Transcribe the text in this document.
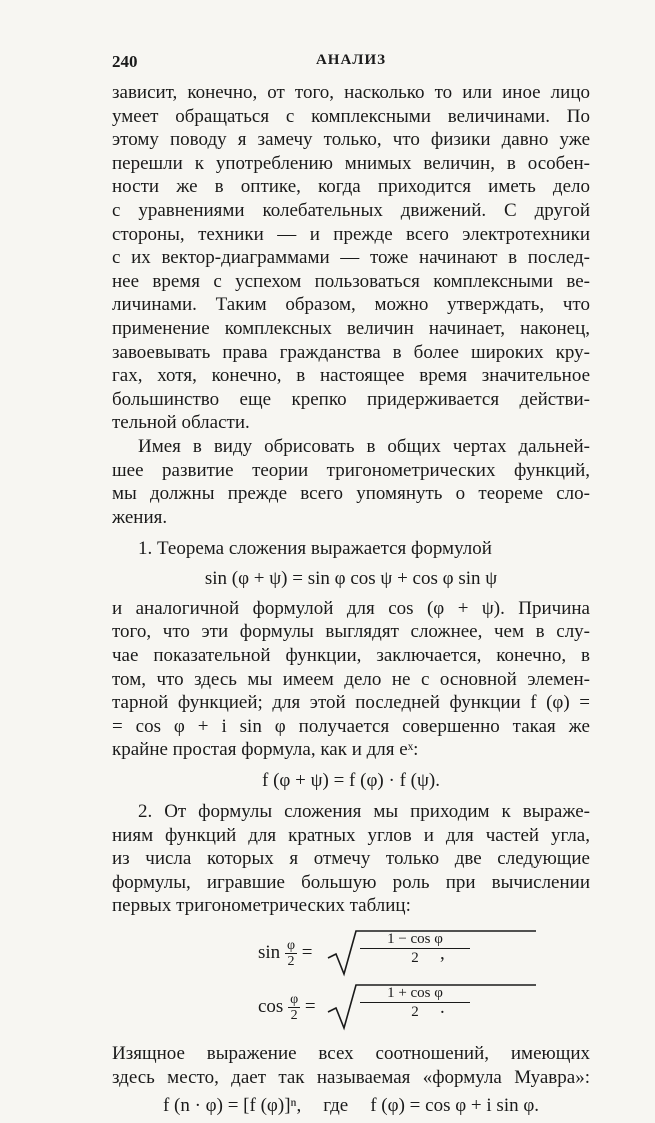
240	АНАЛИЗ
зависит, конечно, от того, насколько то или иное лицо
умеет обращаться с комплексными величинами. По
этому поводу я замечу только, что физики давно уже
перешли к употреблению мнимых величин, в особен-
ности же в оптике, когда приходится иметь дело
с уравнениями колебательных движений. С другой
стороны, техники — и прежде всего электротехники
с их вектор-диаграммами — тоже начинают в послед-
нее время с успехом пользоваться комплексными ве-
личинами. Таким образом, можно утверждать, что
применение комплексных величин начинает, наконец,
завоевывать права гражданства в более широких кру-
гах, хотя, конечно, в настоящее время значительное
большинство еще крепко придерживается действи-
тельной области.
Имея в виду обрисовать в общих чертах дальней-
шее развитие теории тригонометрических функций,
мы должны прежде всего упомянуть о теореме сло-
жения.
1. Теорема сложения выражается формулой
sin (φ + ψ) = sin φ cos ψ + cos φ sin ψ
и аналогичной формулой для cos (φ + ψ). Причина
того, что эти формулы выглядят сложнее, чем в слу-
чае показательной функции, заключается, конечно, в
том, что здесь мы имеем дело не с основной элемен-
тарной функцией; для этой последней функции f (φ) =
= cos φ + i sin φ получается совершенно такая же
крайне простая формула, как и для eˣ:
f (φ + ψ) = f (φ) · f (ψ).
2. От формулы сложения мы приходим к выраже-
ниям функций для кратных углов и для частей угла,
из числа которых я отмечу только две следующие
формулы, игравшие большую роль при вычислении
первых тригонометрических таблиц:
$\sin \frac{\varphi}{2}$ =	$\frac{\text{1 − cos φ}}{2}$
,
$\cos \frac{\varphi}{2}$ =	$\frac{\text{1 + cos φ}}{2}$
.
Изящное выражение всех соотношений, имеющих
здесь место, дает так называемая «формула Муавра»:
f (n · φ) = [f (φ)]ⁿ, где f (φ) = cos φ + i sin φ.
